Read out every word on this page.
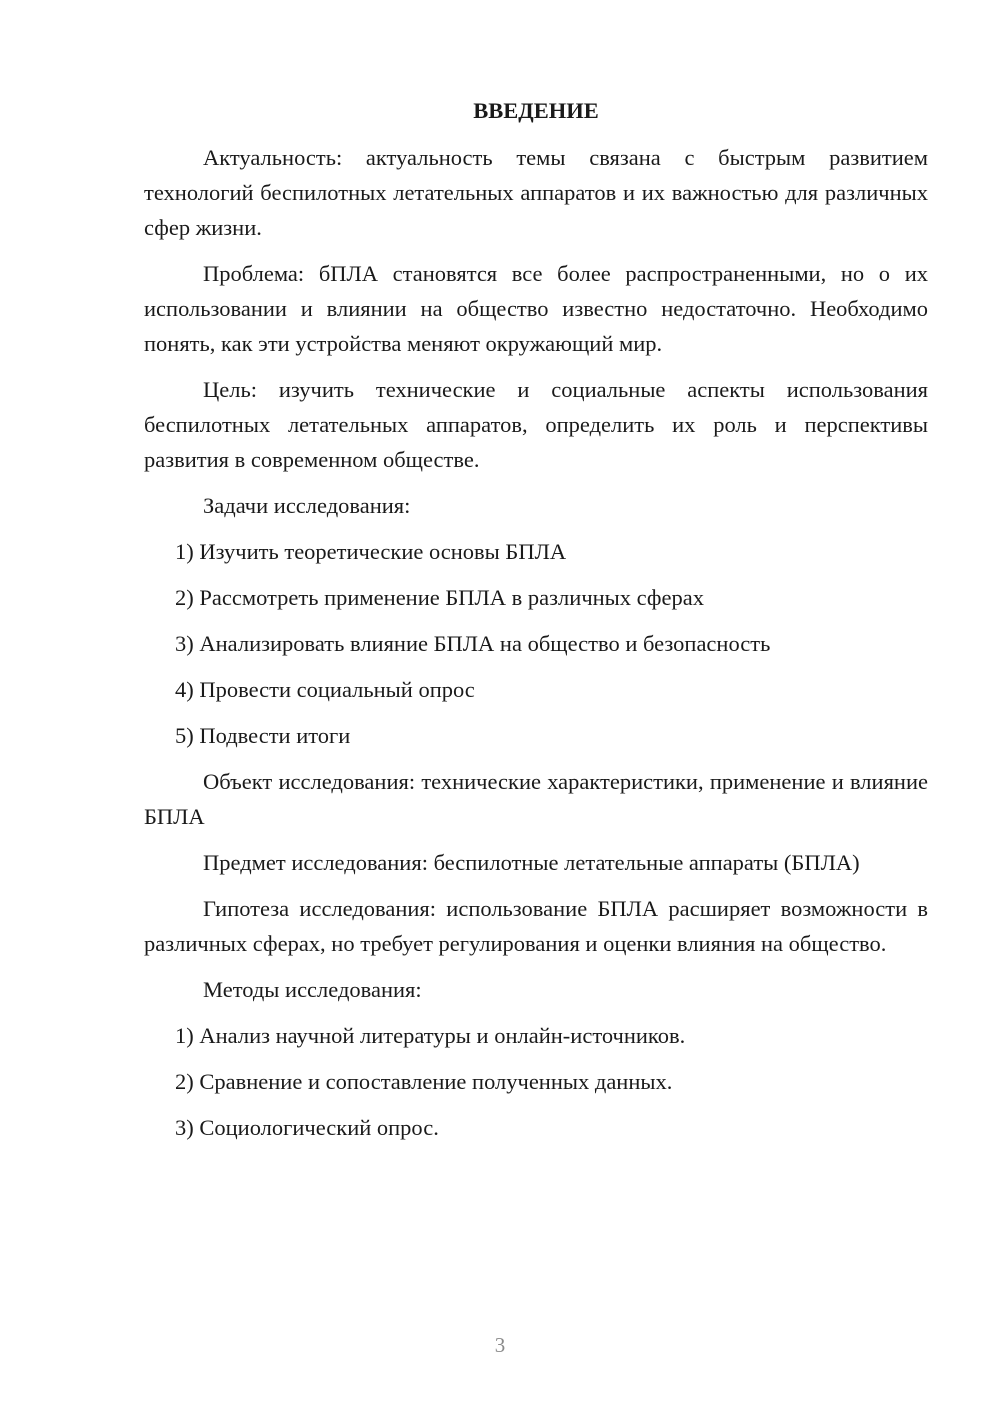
ВВЕДЕНИЕ

Актуальность: актуальность темы связана с быстрым развитием технологий беспилотных летательных аппаратов и их важностью для различных сфер жизни.

Проблема: бПЛА становятся все более распространенными, но о их использовании и влиянии на общество известно недостаточно. Необходимо понять, как эти устройства меняют окружающий мир.

Цель: изучить технические и социальные аспекты использования беспилотных летательных аппаратов, определить их роль и перспективы развития в современном обществе.

Задачи исследования:

1) Изучить теоретические основы БПЛА

2) Рассмотреть применение БПЛА в различных сферах

3) Анализировать влияние БПЛА на общество и безопасность

4) Провести социальный опрос

5) Подвести итоги

Объект исследования: технические характеристики, применение и влияние БПЛА

Предмет исследования: беспилотные летательные аппараты (БПЛА)

Гипотеза исследования: использование БПЛА расширяет возможности в различных сферах, но требует регулирования и оценки влияния на общество.

Методы исследования:

1) Анализ научной литературы и онлайн-источников.

2) Сравнение и сопоставление полученных данных.

3) Социологический опрос.

3
